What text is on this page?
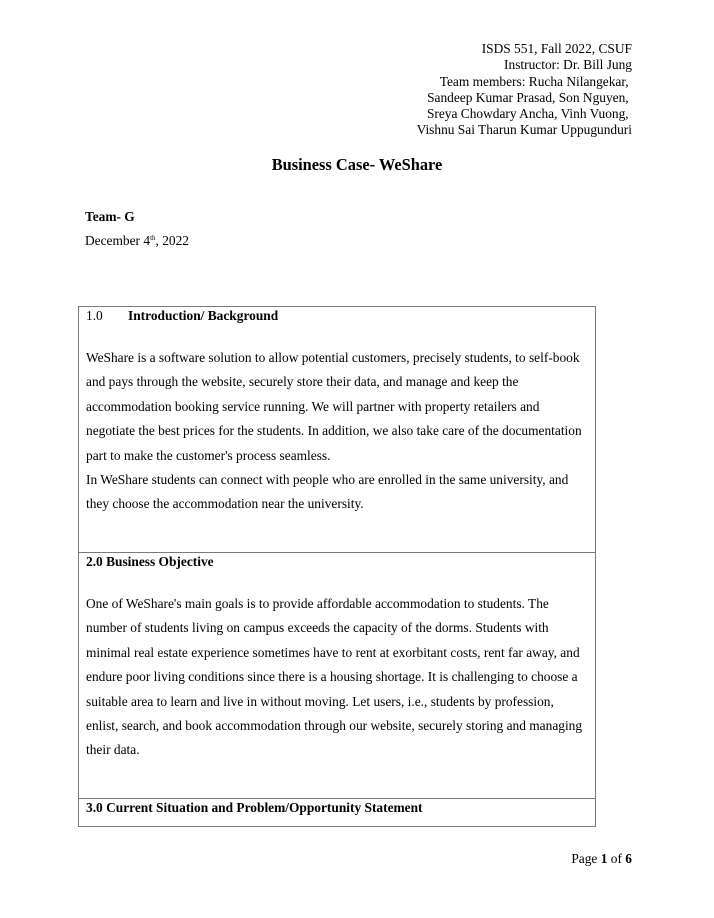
ISDS 551, Fall 2022, CSUF
Instructor: Dr. Bill Jung
Team members: Rucha Nilangekar,
Sandeep Kumar Prasad, Son Nguyen,
Sreya Chowdary Ancha, Vinh Vuong,
Vishnu Sai Tharun Kumar Uppugunduri
Business Case- WeShare
Team- G
December 4th, 2022
1.0 Introduction/ Background

WeShare is a software solution to allow potential customers, precisely students, to self-book and pays through the website, securely store their data, and manage and keep the accommodation booking service running. We will partner with property retailers and negotiate the best prices for the students. In addition, we also take care of the documentation part to make the customer's process seamless.

In WeShare students can connect with people who are enrolled in the same university, and they choose the accommodation near the university.

2.0 Business Objective

One of WeShare's main goals is to provide affordable accommodation to students. The number of students living on campus exceeds the capacity of the dorms. Students with minimal real estate experience sometimes have to rent at exorbitant costs, rent far away, and endure poor living conditions since there is a housing shortage. It is challenging to choose a suitable area to learn and live in without moving. Let users, i.e., students by profession, enlist, search, and book accommodation through our website, securely storing and managing their data.

3.0 Current Situation and Problem/Opportunity Statement
Page 1 of 6
